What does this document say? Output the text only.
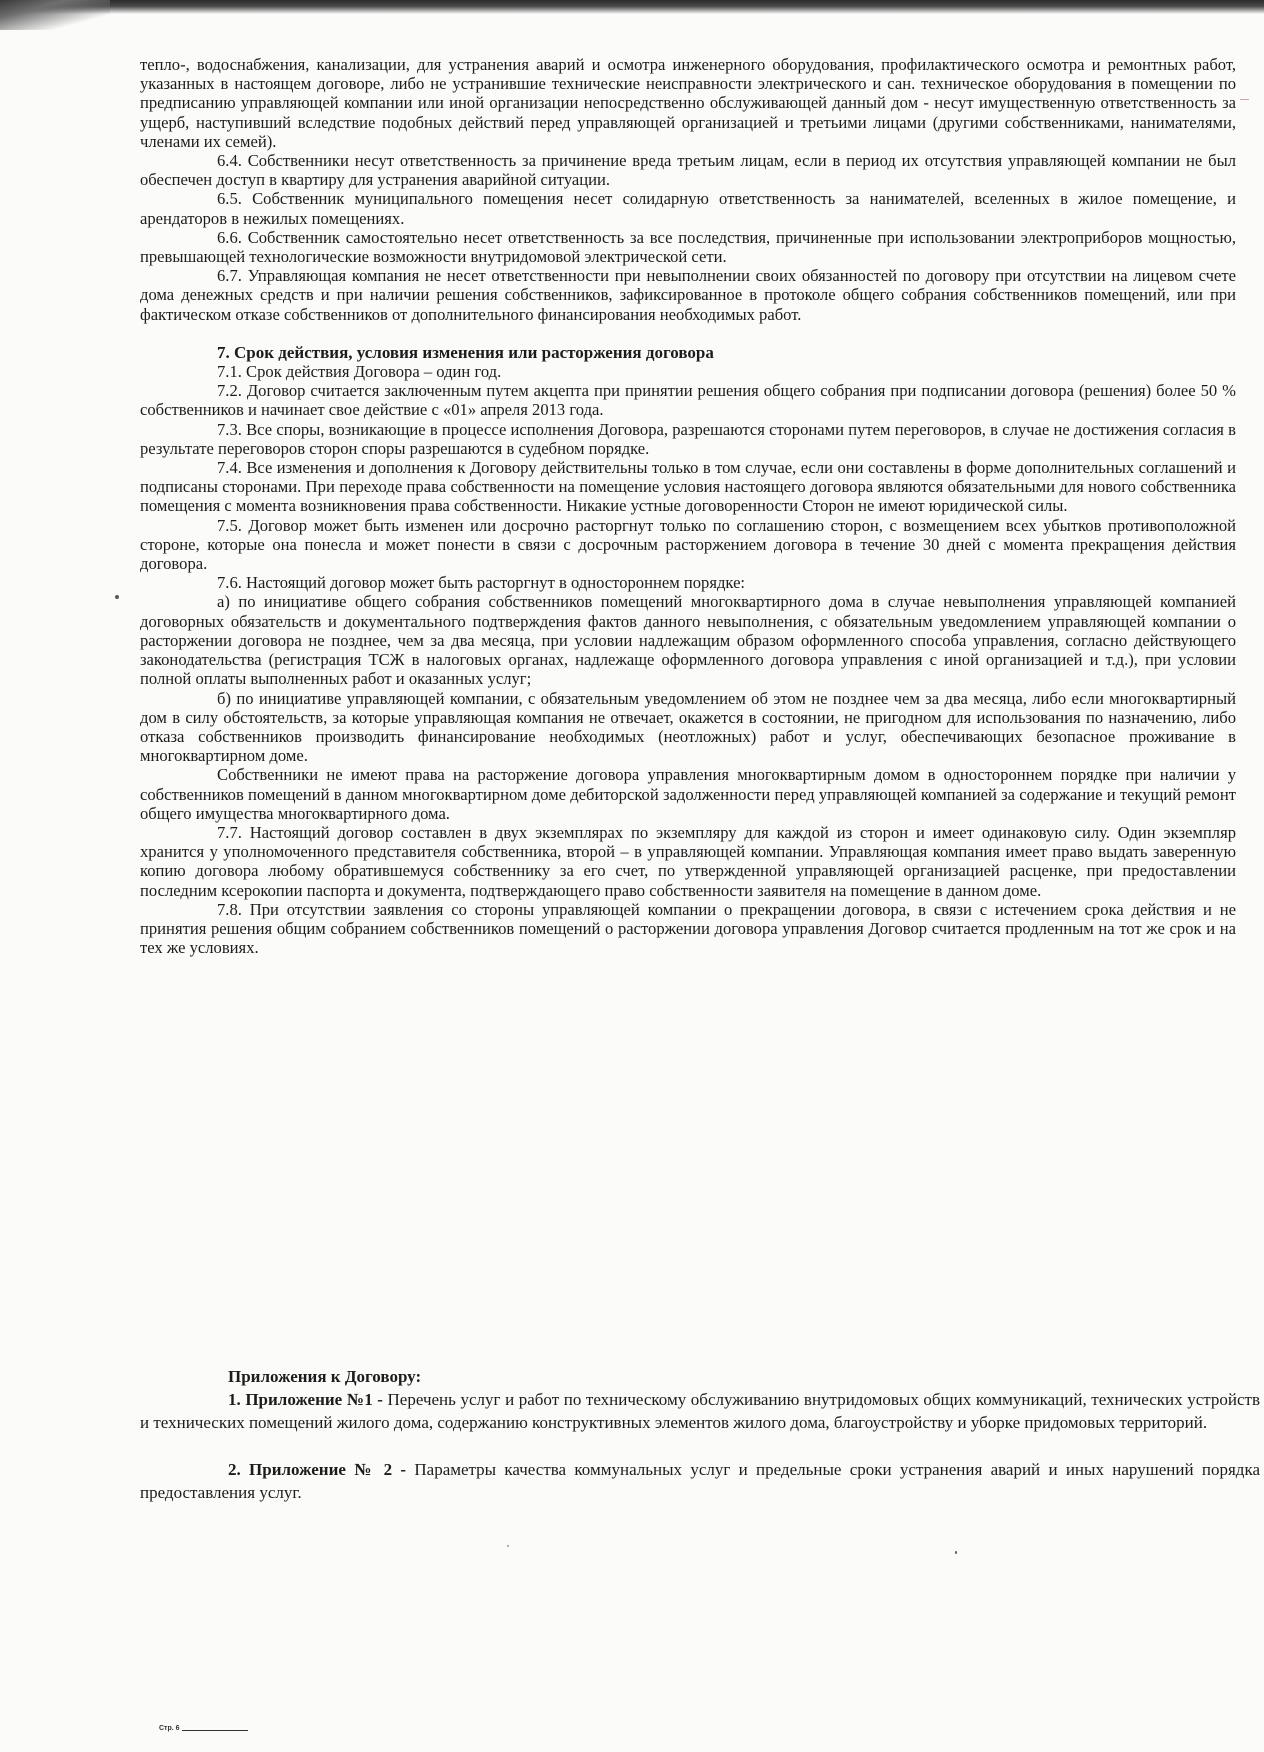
тепло-, водоснабжения, канализации, для устранения аварий и осмотра инженерного оборудования, профилактического осмотра и ремонтных работ, указанных в настоящем договоре, либо не устранившие технические неисправности электрического и сан. техническое оборудования в помещении по предписанию управляющей компании или иной организации непосредственно обслуживающей данный дом - несут имущественную ответственность за ущерб, наступивший вследствие подобных действий перед управляющей организацией и третьими лицами (другими собственниками, нанимателями, членами их семей).

6.4. Собственники несут ответственность за причинение вреда третьим лицам, если в период их отсутствия управляющей компании не был обеспечен доступ в квартиру для устранения аварийной ситуации.

6.5. Собственник муниципального помещения несет солидарную ответственность за нанимателей, вселенных в жилое помещение, и арендаторов в нежилых помещениях.

6.6. Собственник самостоятельно несет ответственность за все последствия, причиненные при использовании электроприборов мощностью, превышающей технологические возможности внутридомовой электрической сети.

6.7. Управляющая компания не несет ответственности при невыполнении своих обязанностей по договору при отсутствии на лицевом счете дома денежных средств и при наличии решения собственников, зафиксированное в протоколе общего собрания собственников помещений, или при фактическом отказе собственников от дополнительного финансирования необходимых работ.

7. Срок действия, условия изменения или расторжения договора

7.1. Срок действия Договора – один год.

7.2. Договор считается заключенным путем акцепта при принятии решения общего собрания при подписании договора (решения) более 50 % собственников и начинает свое действие с «01» апреля 2013 года.

7.3. Все споры, возникающие в процессе исполнения Договора, разрешаются сторонами путем переговоров, в случае не достижения согласия в результате переговоров сторон споры разрешаются в судебном порядке.

7.4. Все изменения и дополнения к Договору действительны только в том случае, если они составлены в форме дополнительных соглашений и подписаны сторонами. При переходе права собственности на помещение условия настоящего договора являются обязательными для нового собственника помещения с момента возникновения права собственности. Никакие устные договоренности Сторон не имеют юридической силы.

7.5. Договор может быть изменен или досрочно расторгнут только по соглашению сторон, с возмещением всех убытков противоположной стороне, которые она понесла и может понести в связи с досрочным расторжением договора в течение 30 дней с момента прекращения действия договора.

7.6. Настоящий договор может быть расторгнут в одностороннем порядке:

а) по инициативе общего собрания собственников помещений многоквартирного дома в случае невыполнения управляющей компанией договорных обязательств и документального подтверждения фактов данного невыполнения, с обязательным уведомлением управляющей компании о расторжении договора не позднее, чем за два месяца, при условии надлежащим образом оформленного способа управления, согласно действующего законодательства (регистрация ТСЖ в налоговых органах, надлежаще оформленного договора управления с иной организацией и т.д.), при условии полной оплаты выполненных работ и оказанных услуг;

б) по инициативе управляющей компании, с обязательным уведомлением об этом не позднее чем за два месяца, либо если многоквартирный дом в силу обстоятельств, за которые управляющая компания не отвечает, окажется в состоянии, не пригодном для использования по назначению, либо отказа собственников производить финансирование необходимых (неотложных) работ и услуг, обеспечивающих безопасное проживание в многоквартирном доме.

Собственники не имеют права на расторжение договора управления многоквартирным домом в одностороннем порядке при наличии у собственников помещений в данном многоквартирном доме дебиторской задолженности перед управляющей компанией за содержание и текущий ремонт общего имущества многоквартирного дома.

7.7. Настоящий договор составлен в двух экземплярах по экземпляру для каждой из сторон и имеет одинаковую силу. Один экземпляр хранится у уполномоченного представителя собственника, второй – в управляющей компании. Управляющая компания имеет право выдать заверенную копию договора любому обратившемуся собственнику за его счет, по утвержденной управляющей организацией расценке, при предоставлении последним ксерокопии паспорта и документа, подтверждающего право собственности заявителя на помещение в данном доме.

7.8. При отсутствии заявления со стороны управляющей компании о прекращении договора, в связи с истечением срока действия и не принятия решения общим собранием собственников помещений о расторжении договора управления Договор считается продленным на тот же срок и на тех же условиях.

Приложения к Договору:

1. Приложение №1 - Перечень услуг и работ по техническому обслуживанию внутридомовых общих коммуникаций, технических устройств и технических помещений жилого дома, содержанию конструктивных элементов жилого дома, благоустройству и уборке придомовых территорий.

2. Приложение № 2 - Параметры качества коммунальных услуг и предельные сроки устранения аварий и иных нарушений порядка предоставления услуг.

Стр. 6
